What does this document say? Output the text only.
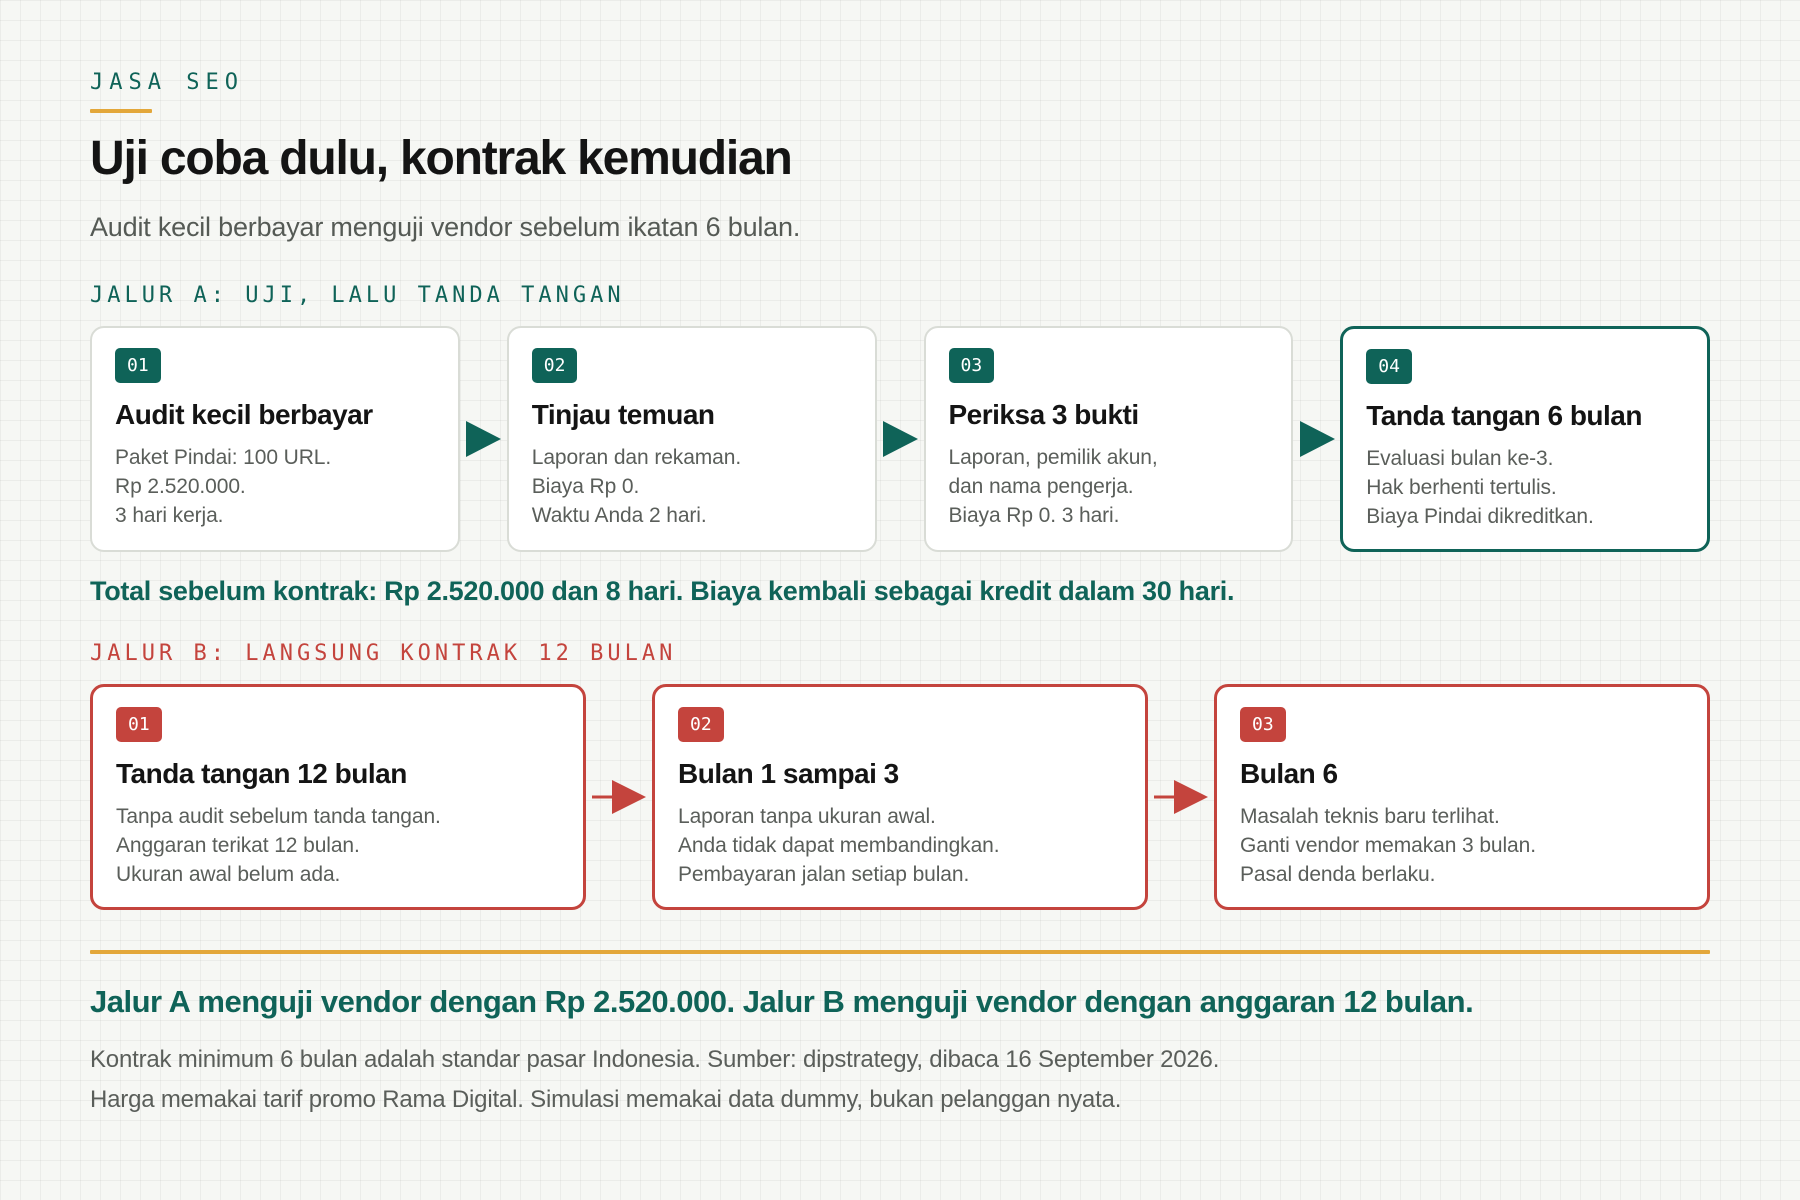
JASA SEO
Uji coba dulu, kontrak kemudian
Audit kecil berbayar menguji vendor sebelum ikatan 6 bulan.
JALUR A: UJI, LALU TANDA TANGAN
01
Audit kecil berbayar
Paket Pindai: 100 URL.
Rp 2.520.000.
3 hari kerja.
02
Tinjau temuan
Laporan dan rekaman.
Biaya Rp 0.
Waktu Anda 2 hari.
03
Periksa 3 bukti
Laporan, pemilik akun,
dan nama pengerja.
Biaya Rp 0. 3 hari.
04
Tanda tangan 6 bulan
Evaluasi bulan ke-3.
Hak berhenti tertulis.
Biaya Pindai dikreditkan.
Total sebelum kontrak: Rp 2.520.000 dan 8 hari. Biaya kembali sebagai kredit dalam 30 hari.
JALUR B: LANGSUNG KONTRAK 12 BULAN
01
Tanda tangan 12 bulan
Tanpa audit sebelum tanda tangan.
Anggaran terikat 12 bulan.
Ukuran awal belum ada.
02
Bulan 1 sampai 3
Laporan tanpa ukuran awal.
Anda tidak dapat membandingkan.
Pembayaran jalan setiap bulan.
03
Bulan 6
Masalah teknis baru terlihat.
Ganti vendor memakan 3 bulan.
Pasal denda berlaku.
Jalur A menguji vendor dengan Rp 2.520.000. Jalur B menguji vendor dengan anggaran 12 bulan.
Kontrak minimum 6 bulan adalah standar pasar Indonesia. Sumber: dipstrategy, dibaca 16 September 2026.
Harga memakai tarif promo Rama Digital. Simulasi memakai data dummy, bukan pelanggan nyata.
